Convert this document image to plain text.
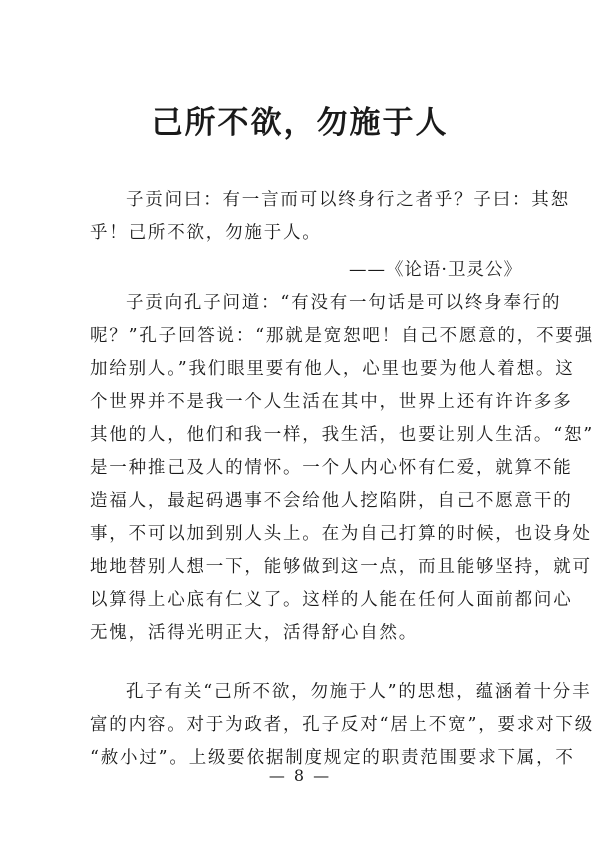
己所不欲，勿施于人
子贡问曰：有一言而可以终身行之者乎？子曰：其恕
乎！己所不欲，勿施于人。
——《论语·卫灵公》
子贡向孔子问道：“有没有一句话是可以终身奉行的
呢？”孔子回答说：“那就是宽恕吧！自己不愿意的，不要强
加给别人。”我们眼里要有他人，心里也要为他人着想。这
个世界并不是我一个人生活在其中，世界上还有许许多多
其他的人，他们和我一样，我生活，也要让别人生活。“恕”
是一种推己及人的情怀。一个人内心怀有仁爱，就算不能
造福人，最起码遇事不会给他人挖陷阱，自己不愿意干的
事，不可以加到别人头上。在为自己打算的时候，也设身处
地地替别人想一下，能够做到这一点，而且能够坚持，就可
以算得上心底有仁义了。这样的人能在任何人面前都问心
无愧，活得光明正大，活得舒心自然。
孔子有关“己所不欲，勿施于人”的思想，蕴涵着十分丰
富的内容。对于为政者，孔子反对“居上不宽”，要求对下级
“赦小过”。上级要依据制度规定的职责范围要求下属，不
— 8 —
